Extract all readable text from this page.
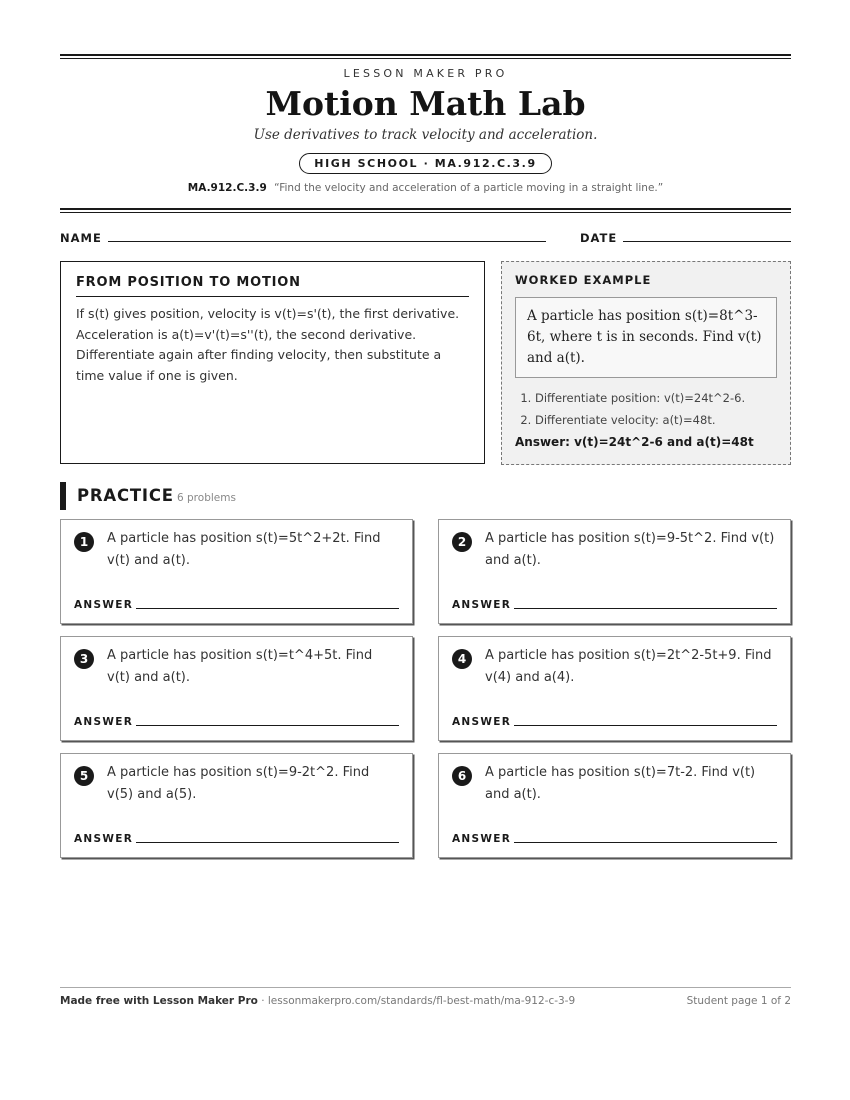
LESSON MAKER PRO
Motion Math Lab
Use derivatives to track velocity and acceleration.
HIGH SCHOOL · MA.912.C.3.9
MA.912.C.3.9 “Find the velocity and acceleration of a particle moving in a straight line.”
NAME	DATE
FROM POSITION TO MOTION
If s(t) gives position, velocity is v(t)=s'(t), the first derivative. Acceleration is a(t)=v'(t)=s''(t), the second derivative. Differentiate again after finding velocity, then substitute a time value if one is given.
WORKED EXAMPLE
A particle has position s(t)=8t^3-6t, where t is in seconds. Find v(t) and a(t).
1. Differentiate position: v(t)=24t^2-6.
2. Differentiate velocity: a(t)=48t.
Answer: v(t)=24t^2-6 and a(t)=48t
PRACTICE 6 problems
1	A particle has position s(t)=5t^2+2t. Find v(t) and a(t).
ANSWER
2	A particle has position s(t)=9-5t^2. Find v(t) and a(t).
ANSWER
3	A particle has position s(t)=t^4+5t. Find v(t) and a(t).
ANSWER
4	A particle has position s(t)=2t^2-5t+9. Find v(4) and a(4).
ANSWER
5	A particle has position s(t)=9-2t^2. Find v(5) and a(5).
ANSWER
6	A particle has position s(t)=7t-2. Find v(t) and a(t).
ANSWER
Made free with Lesson Maker Pro · lessonmakerpro.com/standards/fl-best-math/ma-912-c-3-9	Student page 1 of 2
